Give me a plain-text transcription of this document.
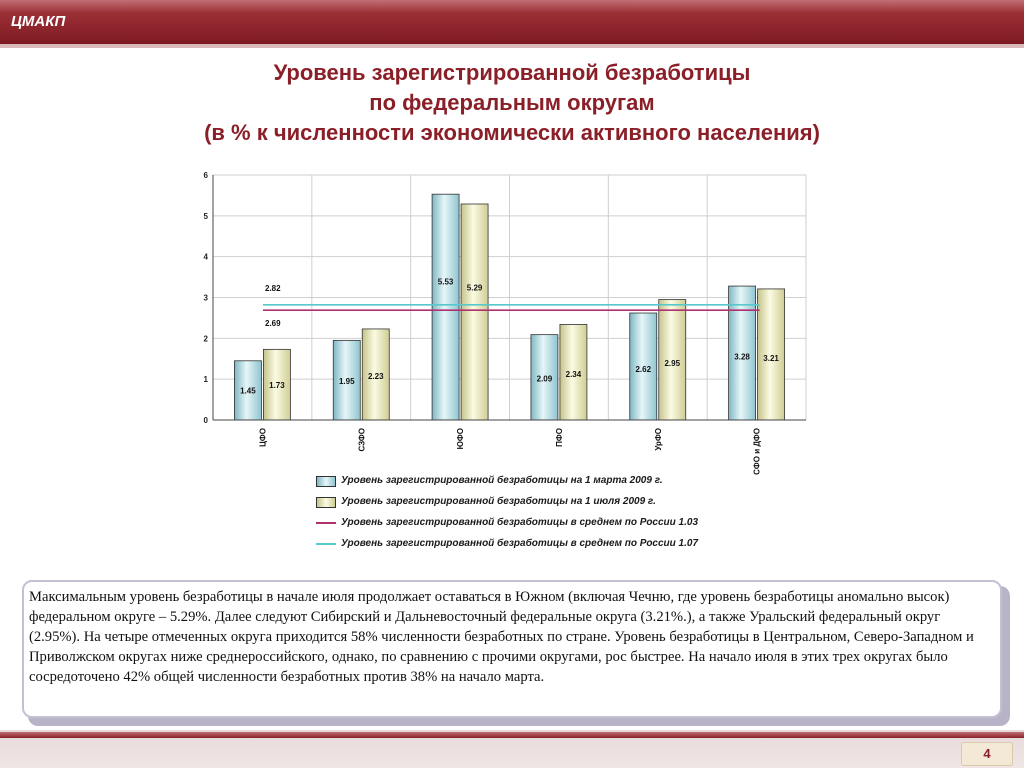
ЦМАКП
Уровень зарегистрированной безработицы
по федеральным округам
(в % к численности экономически активного населения)
1.45
1.73	1.95
2.23
5.53
5.29
2.09
2.34
2.62
2.95
3.28 3.21
2.69
2.82
0
1
2
3
4
5
6
ЦФО	СЗФО	ЮФО	ПФО	УрФО	СФО и ДФО
Уровень зарегистрированной безработицы на 1 марта 2009 г.
Уровень зарегистрированной безработицы на 1 июля 2009 г.
Уровень зарегистрированной безработицы в среднем по России 1.03
Уровень зарегистрированной безработицы в среднем по России 1.07
Максимальным уровень безработицы в начале июля продолжает оставаться в Южном (включая Чечню, где уровень безработицы аномально высок) федеральном округе – 5.29%. Далее следуют Сибирский и Дальневосточный федеральные округа (3.21%.), а также Уральский федеральный округ (2.95%). На четыре отмеченных округа приходится 58% численности безработных по стране. Уровень безработицы в Центральном, Северо-Западном и Приволжском округах ниже среднероссийского, однако, по сравнению с прочими округами, рос быстрее. На начало июля в этих трех округах было сосредоточено 42% общей численности безработных против 38% на начало марта.
4
